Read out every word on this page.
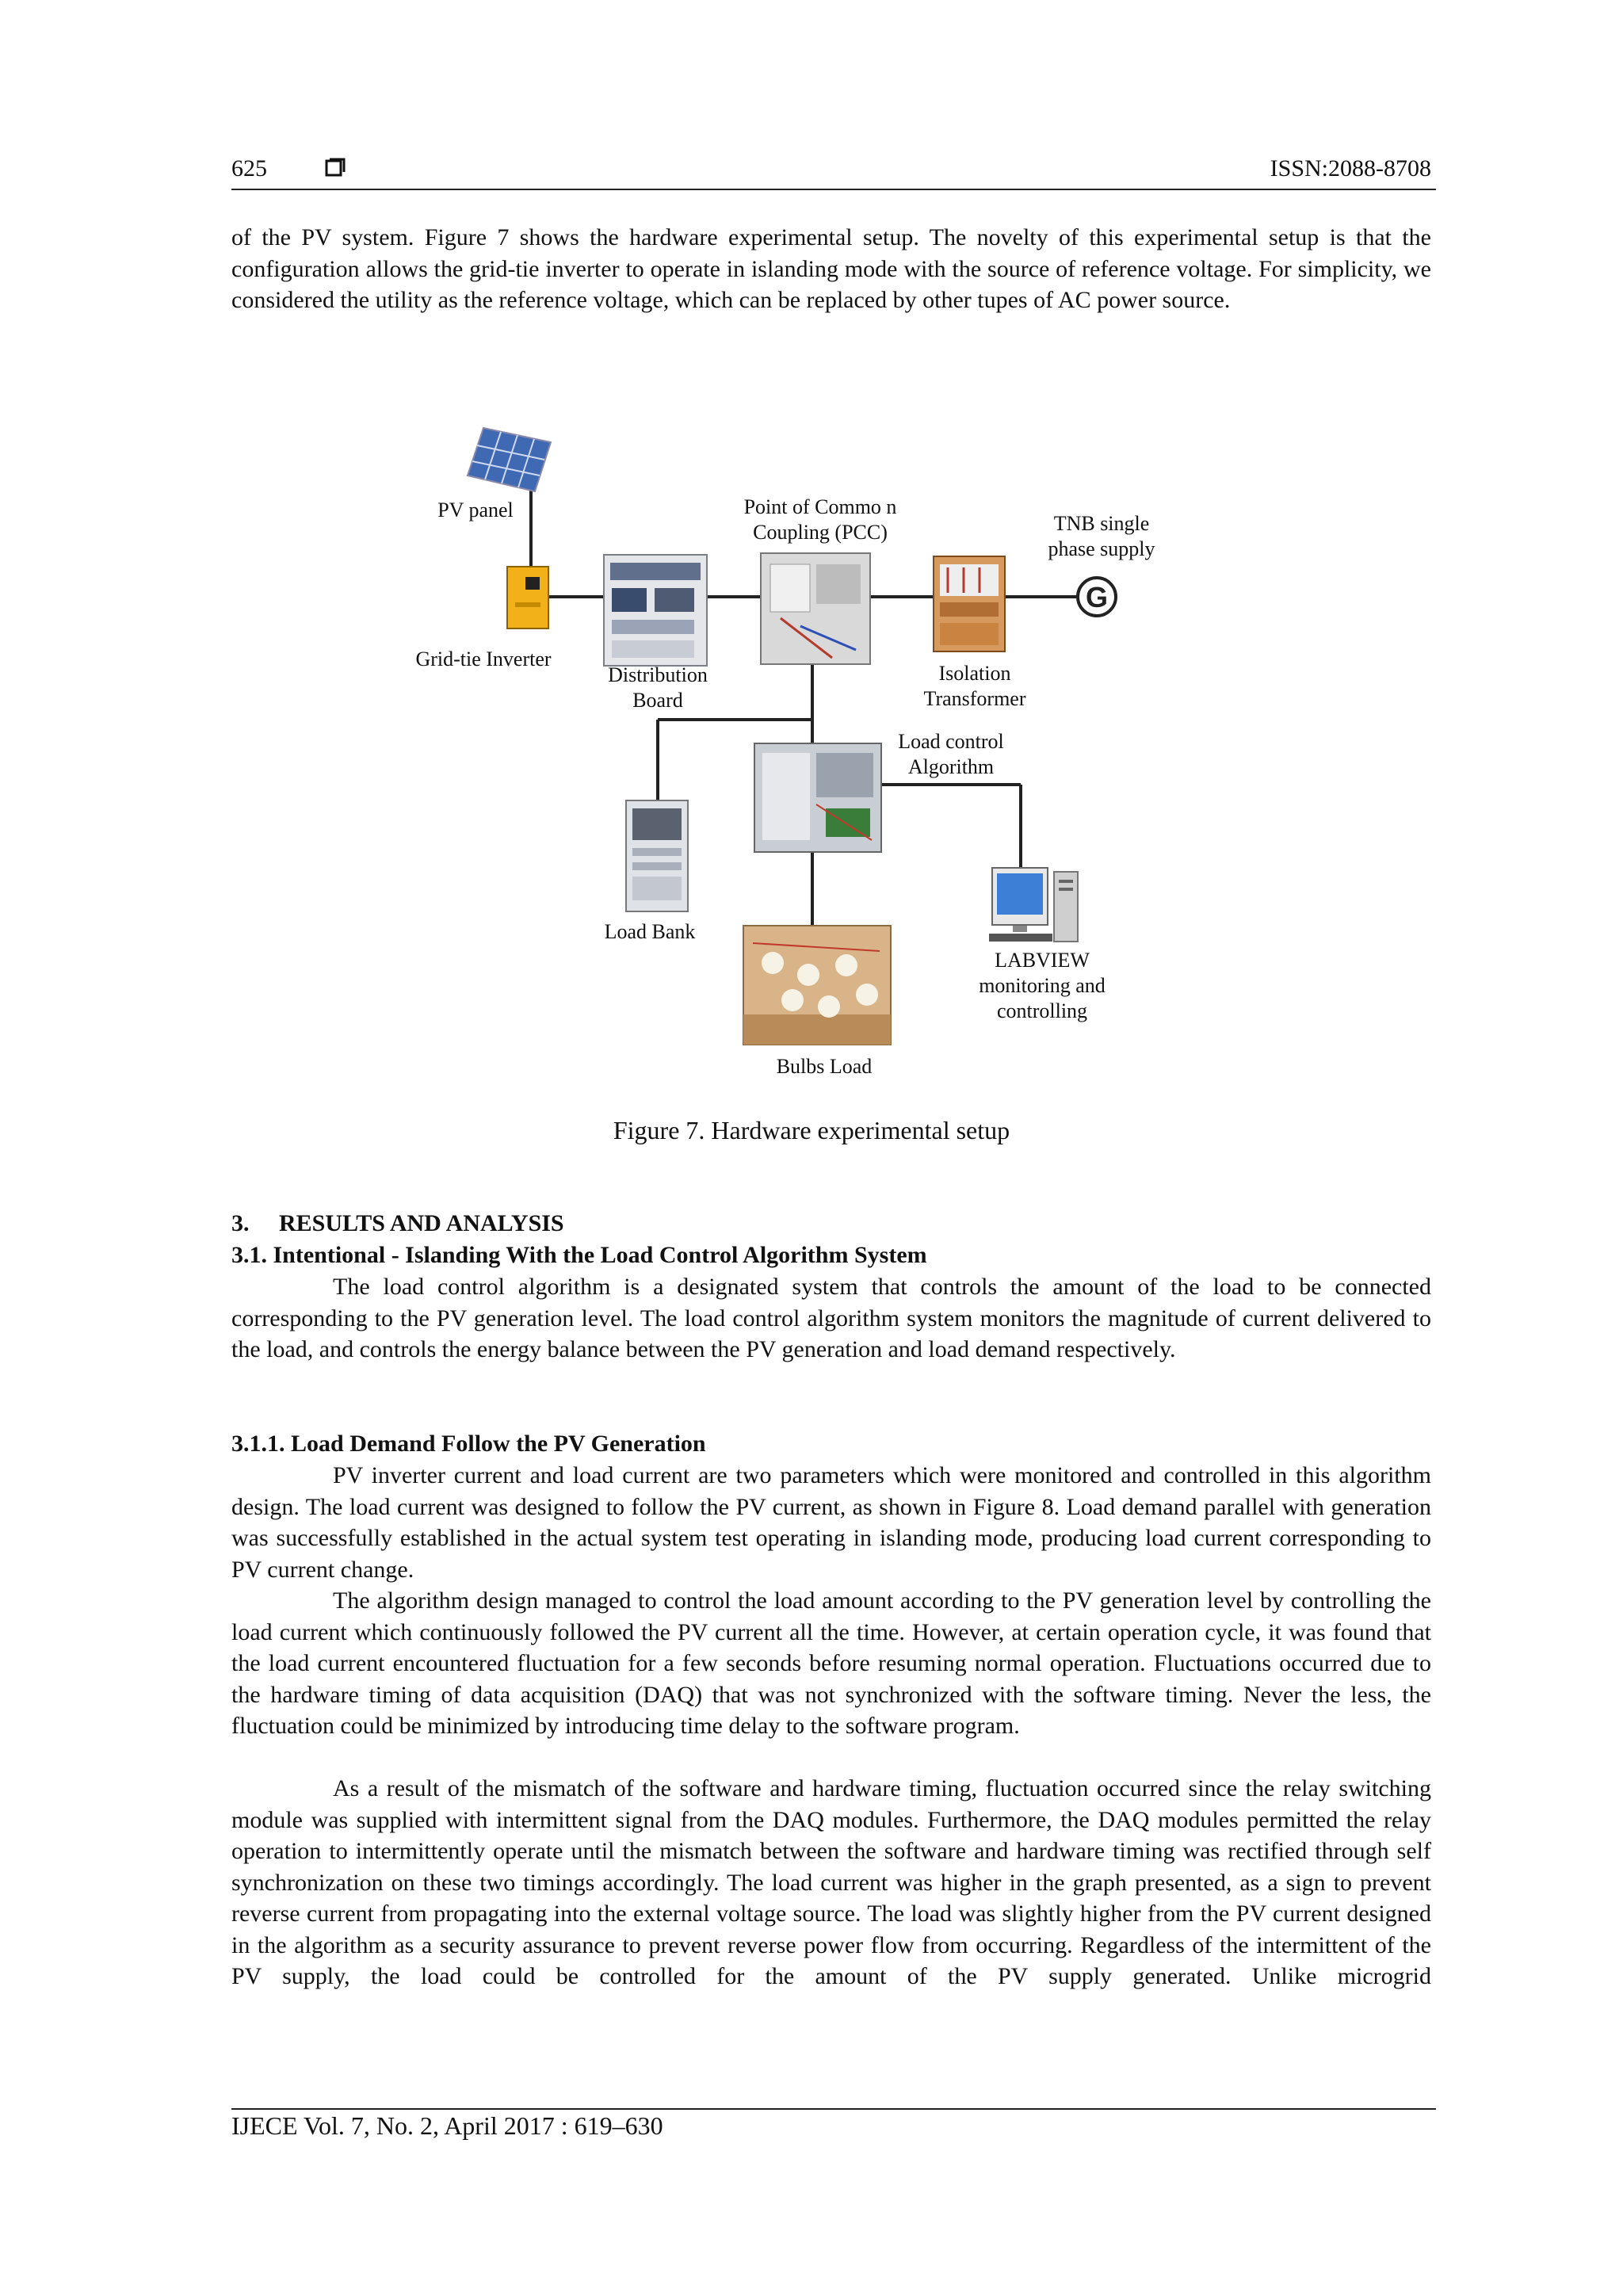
625	ISSN:2088-8708

of the PV system. Figure 7 shows the hardware experimental setup. The novelty of this experimental setup is that the configuration allows the grid-tie inverter to operate in islanding mode with the source of reference voltage. For simplicity, we considered the utility as the reference voltage, which can be replaced by other tupes of AC power source.

G
PV panel	Point of Commo n
Coupling (PCC)	TNB single
phase supply
Grid-tie Inverter
Distribution
Board
Isolation
Transformer
Load control
Algorithm
Load Bank
LABVIEW
monitoring and
controlling
Bulbs Load
Figure 7. Hardware experimental setup
3.     RESULTS AND ANALYSIS
3.1. Intentional - Islanding With the Load Control Algorithm System

The load control algorithm is a designated system that controls the amount of the load to be connected corresponding to the PV generation level. The load control algorithm system monitors the magnitude of current delivered to the load, and controls the energy balance between the PV generation and load demand respectively.

3.1.1. Load Demand Follow the PV Generation

PV inverter current and load current are two parameters which were monitored and controlled in this algorithm design. The load current was designed to follow the PV current, as shown in Figure 8. Load demand parallel with generation was successfully established in the actual system test operating in islanding mode, producing load current corresponding to PV current change.

The algorithm design managed to control the load amount according to the PV generation level by controlling the load current which continuously followed the PV current all the time. However, at certain operation cycle, it was found that the load current encountered fluctuation for a few seconds before resuming normal operation. Fluctuations occurred due to the hardware timing of data acquisition (DAQ) that was not synchronized with the software timing. Never the less, the fluctuation could be minimized by introducing time delay to the software program.

As a result of the mismatch of the software and hardware timing, fluctuation occurred since the relay switching module was supplied with intermittent signal from the DAQ modules. Furthermore, the DAQ modules permitted the relay operation to intermittently operate until the mismatch between the software and hardware timing was rectified through self synchronization on these two timings accordingly. The load current was higher in the graph presented, as a sign to prevent reverse current from propagating into the external voltage source. The load was slightly higher from the PV current designed in the algorithm as a security assurance to prevent reverse power flow from occurring. Regardless of the intermittent of the PV supply, the load could be controlled for the amount of the PV supply generated. Unlike microgrid

IJECE Vol. 7, No. 2, April 2017 : 619–630
